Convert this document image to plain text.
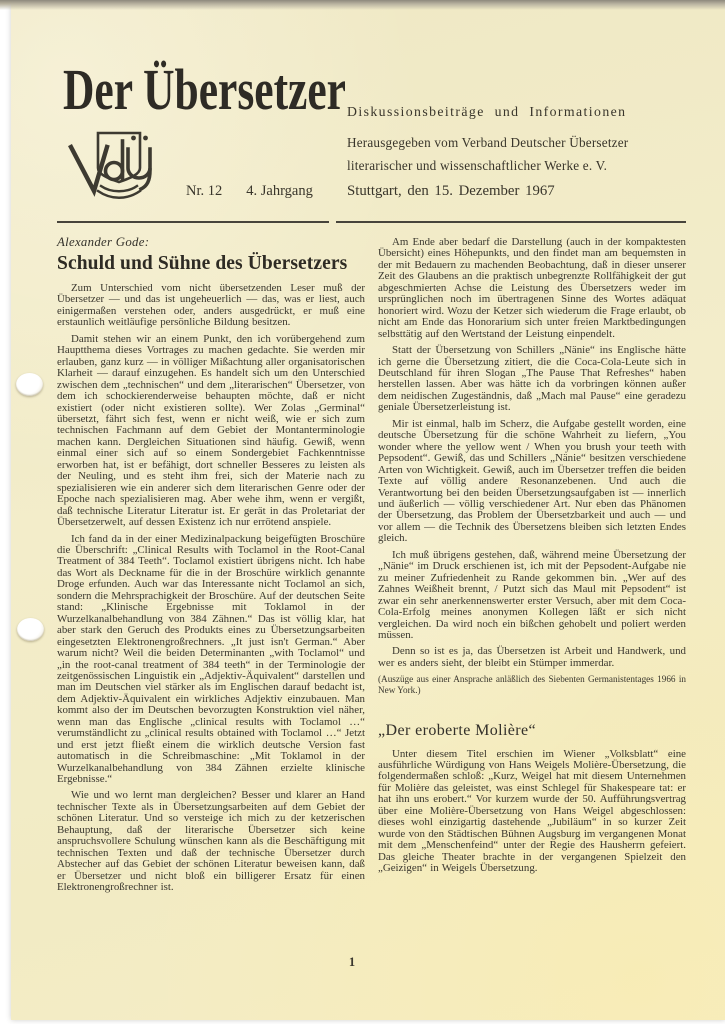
Der Übersetzer Diskussionsbeiträge und Informationen
Herausgegeben vom Verband Deutscher Übersetzer
literarischer und wissenschaftlicher Werke e. V.
Stuttgart, den 15. Dezember 1967
Nr. 12 4. Jahrgang

Alexander Gode:

Schuld und Sühne des Übersetzers

Zum Unterschied vom nicht übersetzenden Leser muß der Übersetzer — und das ist ungeheuerlich — das, was er liest, auch einigermaßen verstehen oder, anders ausgedrückt, er muß eine erstaunlich weitläufige persönliche Bildung besitzen.

Damit stehen wir an einem Punkt, den ich vorübergehend zum Hauptthema dieses Vortrages zu machen gedachte. Sie werden mir erlauben, ganz kurz — in völliger Mißachtung aller organisatorischen Klarheit — darauf einzugehen. Es handelt sich um den Unterschied zwischen dem „technischen“ und dem „literarischen“ Übersetzer, von dem ich schockierenderweise behaupten möchte, daß er nicht existiert (oder nicht existieren sollte). Wer Zolas „Germinal“ übersetzt, fährt sich fest, wenn er nicht weiß, wie er sich zum technischen Fachmann auf dem Gebiet der Montanterminologie machen kann. Dergleichen Situationen sind häufig. Gewiß, wenn einmal einer sich auf so einem Sondergebiet Fachkenntnisse erworben hat, ist er befähigt, dort schneller Besseres zu leisten als der Neuling, und es steht ihm frei, sich der Materie nach zu spezialisieren wie ein anderer sich dem literarischen Genre oder der Epoche nach spezialisieren mag. Aber wehe ihm, wenn er vergißt, daß technische Literatur Literatur ist. Er gerät in das Proletariat der Übersetzerwelt, auf dessen Existenz ich nur errötend anspiele.

Ich fand da in der einer Medizinalpackung beigefügten Broschüre die Überschrift: „Clinical Results with Toclamol in the Root-Canal Treatment of 384 Teeth“. Toclamol existiert übrigens nicht. Ich habe das Wort als Deckname für die in der Broschüre wirklich genannte Droge erfunden. Auch war das Interessante nicht Toclamol an sich, sondern die Mehrsprachigkeit der Broschüre. Auf der deutschen Seite stand: „Klinische Ergebnisse mit Toklamol in der Wurzelkanalbehandlung von 384 Zähnen.“ Das ist völlig klar, hat aber stark den Geruch des Produkts eines zu Übersetzungsarbeiten eingesetzten Elektronengroßrechners. „It just isn't German.“ Aber warum nicht? Weil die beiden Determinanten „with Toclamol“ und „in the root-canal treatment of 384 teeth“ in der Terminologie der zeitgenössischen Linguistik ein „Adjektiv-Äquivalent“ darstellen und man im Deutschen viel stärker als im Englischen darauf bedacht ist, dem Adjektiv-Äquivalent ein wirkliches Adjektiv einzubauen. Man kommt also der im Deutschen bevorzugten Konstruktion viel näher, wenn man das Englische „clinical results with Toclamol …“ verumständlicht zu „clinical results obtained with Toclamol …“ Jetzt und erst jetzt fließt einem die wirklich deutsche Version fast automatisch in die Schreibmaschine: „Mit Toklamol in der Wurzelkanalbehandlung von 384 Zähnen erzielte klinische Ergebnisse.“

Wie und wo lernt man dergleichen? Besser und klarer an Hand technischer Texte als in Übersetzungsarbeiten auf dem Gebiet der schönen Literatur. Und so versteige ich mich zu der ketzerischen Behauptung, daß der literarische Übersetzer sich keine anspruchsvollere Schulung wünschen kann als die Beschäftigung mit technischen Texten und daß der technische Übersetzer durch Abstecher auf das Gebiet der schönen Literatur beweisen kann, daß er Übersetzer und nicht bloß ein billigerer Ersatz für einen Elektronengroßrechner ist.

Am Ende aber bedarf die Darstellung (auch in der kompaktesten Übersicht) eines Höhepunkts, und den findet man am bequemsten in der mit Bedauern zu machenden Beobachtung, daß in dieser unserer Zeit des Glaubens an die praktisch unbegrenzte Rollfähigkeit der gut abgeschmierten Achse die Leistung des Übersetzers weder im ursprünglichen noch im übertragenen Sinne des Wortes adäquat honoriert wird. Wozu der Ketzer sich wiederum die Frage erlaubt, ob nicht am Ende das Honorarium sich unter freien Marktbedingungen selbsttätig auf den Wertstand der Leistung einpendelt.

Statt der Übersetzung von Schillers „Nänie“ ins Englische hätte ich gerne die Übersetzung zitiert, die die Coca-Cola-Leute sich in Deutschland für ihren Slogan „The Pause That Refreshes“ haben herstellen lassen. Aber was hätte ich da vorbringen können außer dem neidischen Zugeständnis, daß „Mach mal Pause“ eine geradezu geniale Übersetzerleistung ist.

Mir ist einmal, halb im Scherz, die Aufgabe gestellt worden, eine deutsche Übersetzung für die schöne Wahrheit zu liefern, „You wonder where the yellow went / When you brush your teeth with Pepsodent“. Gewiß, das und Schillers „Nänie“ besitzen verschiedene Arten von Wichtigkeit. Gewiß, auch im Übersetzer treffen die beiden Texte auf völlig andere Resonanzebenen. Und auch die Verantwortung bei den beiden Übersetzungsaufgaben ist — innerlich und äußerlich — völlig verschiedener Art. Nur eben das Phänomen der Übersetzung, das Problem der Übersetzbarkeit und auch — und vor allem — die Technik des Übersetzens bleiben sich letzten Endes gleich.

Ich muß übrigens gestehen, daß, während meine Übersetzung der „Nänie“ im Druck erschienen ist, ich mit der Pepsodent-Aufgabe nie zu meiner Zufriedenheit zu Rande gekommen bin. „Wer auf des Zahnes Weißheit brennt, / Putzt sich das Maul mit Pepsodent“ ist zwar ein sehr anerkennenswerter erster Versuch, aber mit dem Coca-Cola-Erfolg meines anonymen Kollegen läßt er sich nicht vergleichen. Da wird noch ein bißchen gehobelt und poliert werden müssen.

Denn so ist es ja, das Übersetzen ist Arbeit und Handwerk, und wer es anders sieht, der bleibt ein Stümper immerdar.

(Auszüge aus einer Ansprache anläßlich des Siebenten Germanistentages 1966 in New York.)

„Der eroberte Molière“

Unter diesem Titel erschien im Wiener „Volksblatt“ eine ausführliche Würdigung von Hans Weigels Molière-Übersetzung, die folgendermaßen schloß: „Kurz, Weigel hat mit diesem Unternehmen für Molière das geleistet, was einst Schlegel für Shakespeare tat: er hat ihn uns erobert.“ Vor kurzem wurde der 50. Aufführungsvertrag über eine Molière-Übersetzung von Hans Weigel abgeschlossen: dieses wohl einzigartig dastehende „Jubiläum“ in so kurzer Zeit wurde von den Städtischen Bühnen Augsburg im vergangenen Monat mit dem „Menschenfeind“ unter der Regie des Hausherrn gefeiert. Das gleiche Theater brachte in der vergangenen Spielzeit den „Geizigen“ in Weigels Übersetzung.

1
